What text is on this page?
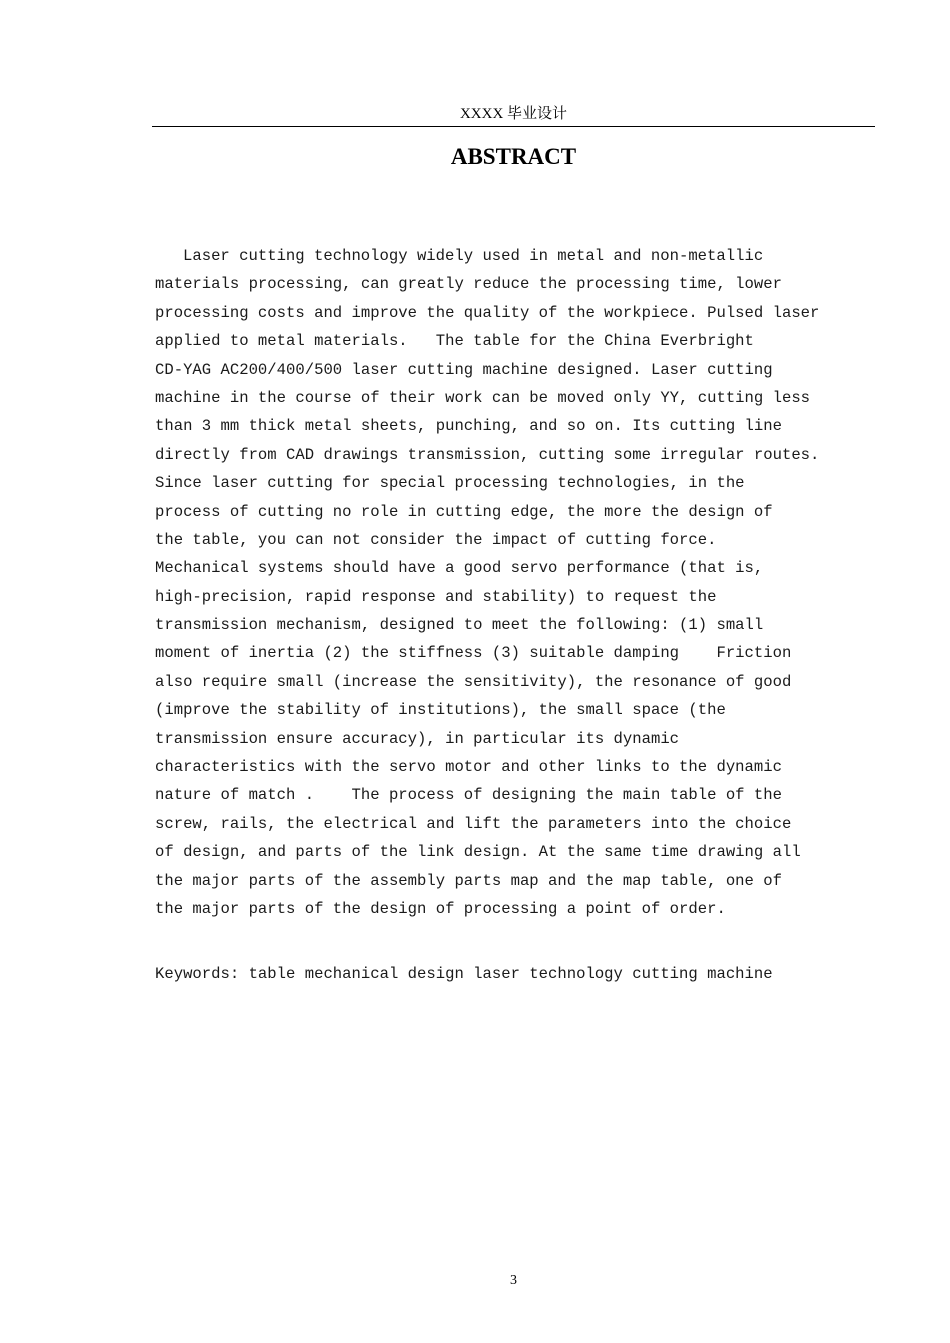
XXXX 毕业设计
ABSTRACT
Laser cutting technology widely used in metal and non-metallic
materials processing, can greatly reduce the processing time, lower
processing costs and improve the quality of the workpiece. Pulsed laser
applied to metal materials.   The table for the China Everbright
CD-YAG AC200/400/500 laser cutting machine designed. Laser cutting
machine in the course of their work can be moved only YY, cutting less
than 3 mm thick metal sheets, punching, and so on. Its cutting line
directly from CAD drawings transmission, cutting some irregular routes.
Since laser cutting for special processing technologies, in the
process of cutting no role in cutting edge, the more the design of
the table, you can not consider the impact of cutting force.
Mechanical systems should have a good servo performance (that is,
high-precision, rapid response and stability) to request the
transmission mechanism, designed to meet the following: (1) small
moment of inertia (2) the stiffness (3) suitable damping    Friction
also require small (increase the sensitivity), the resonance of good
(improve the stability of institutions), the small space (the
transmission ensure accuracy), in particular its dynamic
characteristics with the servo motor and other links to the dynamic
nature of match .    The process of designing the main table of the
screw, rails, the electrical and lift the parameters into the choice
of design, and parts of the link design. At the same time drawing all
the major parts of the assembly parts map and the map table, one of
the major parts of the design of processing a point of order.
Keywords: table mechanical design laser technology cutting machine
3
